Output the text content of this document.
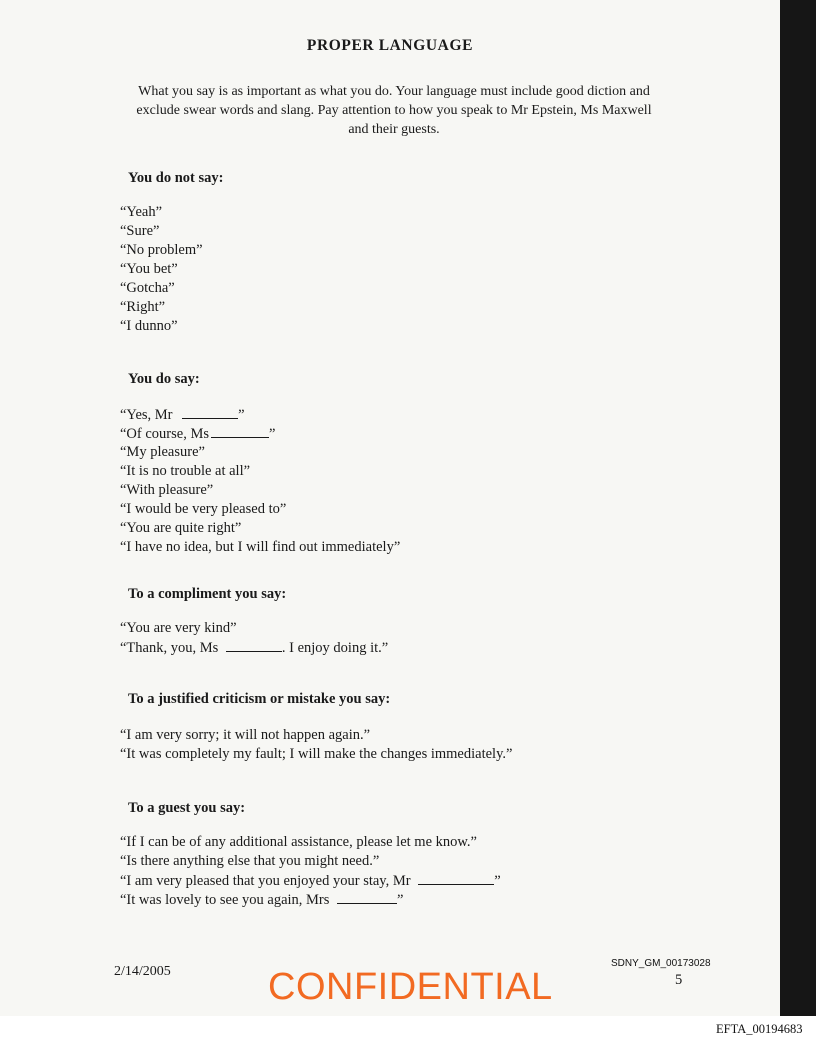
PROPER LANGUAGE
What you say is as important as what you do. Your language must include good diction and exclude swear words and slang. Pay attention to how you speak to Mr Epstein, Ms Maxwell and their guests.
You do not say:
“Yeah”
“Sure”
“No problem”
“You bet”
“Gotcha”
“Right”
“I dunno”
You do say:
“Yes, Mr	”
“Of course, Ms	”
“My pleasure”
“It is no trouble at all”
“With pleasure”
“I would be very pleased to”
“You are quite right”
“I have no idea, but I will find out immediately”
To a compliment you say:
“You are very kind”
“Thank, you, Ms	. I enjoy doing it.”
To a justified criticism or mistake you say:
“I am very sorry; it will not happen again.”
“It was completely my fault; I will make the changes immediately.”
To a guest you say:
“If I can be of any additional assistance, please let me know.”
“Is there anything else that you might need.”
“I am very pleased that you enjoyed your stay, Mr	”
“It was lovely to see you again, Mrs	”
2/14/2005	CONFIDENTIAL
SDNY_GM_00173028
5
EFTA_00194683
